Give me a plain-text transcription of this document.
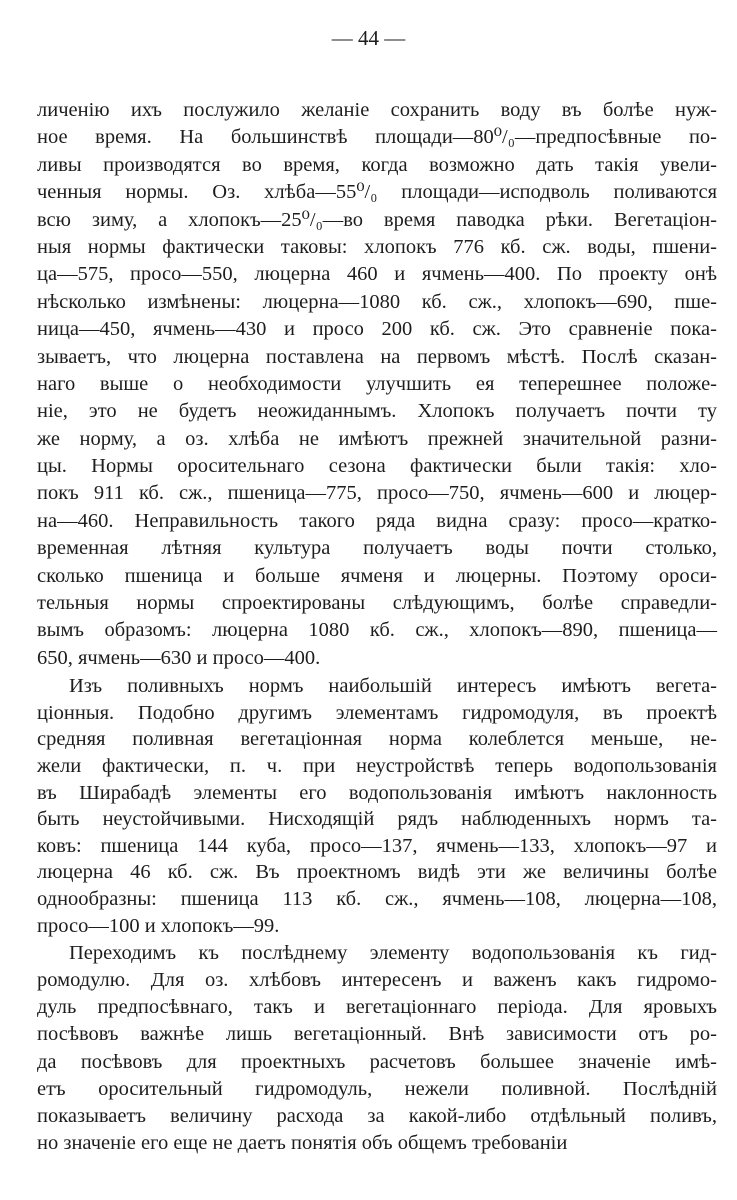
— 44 —
личенію ихъ послужило желаніе сохранить воду въ болѣе нуж-
ное время. На большинствѣ площади—80⁰/₀—предпосѣвные по-
ливы производятся во время, когда возможно дать такія увели-
ченныя нормы. Оз. хлѣба—55⁰/₀ площади—исподволь поливаются
всю зиму, а хлопокъ—25⁰/₀—во время паводка рѣки. Вегетаціон-
ныя нормы фактически таковы: хлопокъ 776 кб. сж. воды, пшени-
ца—575, просо—550, люцерна 460 и ячмень—400. По проекту онѣ
нѣсколько измѣнены: люцерна—1080 кб. сж., хлопокъ—690, пше-
ница—450, ячмень—430 и просо 200 кб. сж. Это сравненіе пока-
зываетъ, что люцерна поставлена на первомъ мѣстѣ. Послѣ сказан-
наго выше о необходимости улучшить ея теперешнее положе-
ніе, это не будетъ неожиданнымъ. Хлопокъ получаетъ почти ту
же норму, а оз. хлѣба не имѣютъ прежней значительной разни-
цы. Нормы оросительнаго сезона фактически были такія: хло-
покъ 911 кб. сж., пшеница—775, просо—750, ячмень—600 и люцер-
на—460. Неправильность такого ряда видна сразу: просо—кратко-
временная лѣтняя культура получаетъ воды почти столько,
сколько пшеница и больше ячменя и люцерны. Поэтому ороси-
тельныя нормы спроектированы слѣдующимъ, болѣе справедли-
вымъ образомъ: люцерна 1080 кб. сж., хлопокъ—890, пшеница—
650, ячмень—630 и просо—400.
Изъ поливныхъ нормъ наибольшій интересъ имѣютъ вегета-
ціонныя. Подобно другимъ элементамъ гидромодуля, въ проектѣ
средняя поливная вегетаціонная норма колеблется меньше, не-
жели фактически, п. ч. при неустройствѣ теперь водопользованія
въ Ширабадѣ элементы его водопользованія имѣютъ наклонность
быть неустойчивыми. Нисходящій рядъ наблюденныхъ нормъ та-
ковъ: пшеница 144 куба, просо—137, ячмень—133, хлопокъ—97 и
люцерна 46 кб. сж. Въ проектномъ видѣ эти же величины болѣе
однообразны: пшеница 113 кб. сж., ячмень—108, люцерна—108,
просо—100 и хлопокъ—99.
Переходимъ къ послѣднему элементу водопользованія къ гид-
ромодулю. Для оз. хлѣбовъ интересенъ и важенъ какъ гидромо-
дуль предпосѣвнаго, такъ и вегетаціоннаго періода. Для яровыхъ
посѣвовъ важнѣе лишь вегетаціонный. Внѣ зависимости отъ ро-
да посѣвовъ для проектныхъ расчетовъ большее значеніе имѣ-
етъ оросительный гидромодуль, нежели поливной. Послѣдній
показываетъ величину расхода за какой-либо отдѣльный поливъ,
но значеніе его еще не даетъ понятія объ общемъ требованіи
